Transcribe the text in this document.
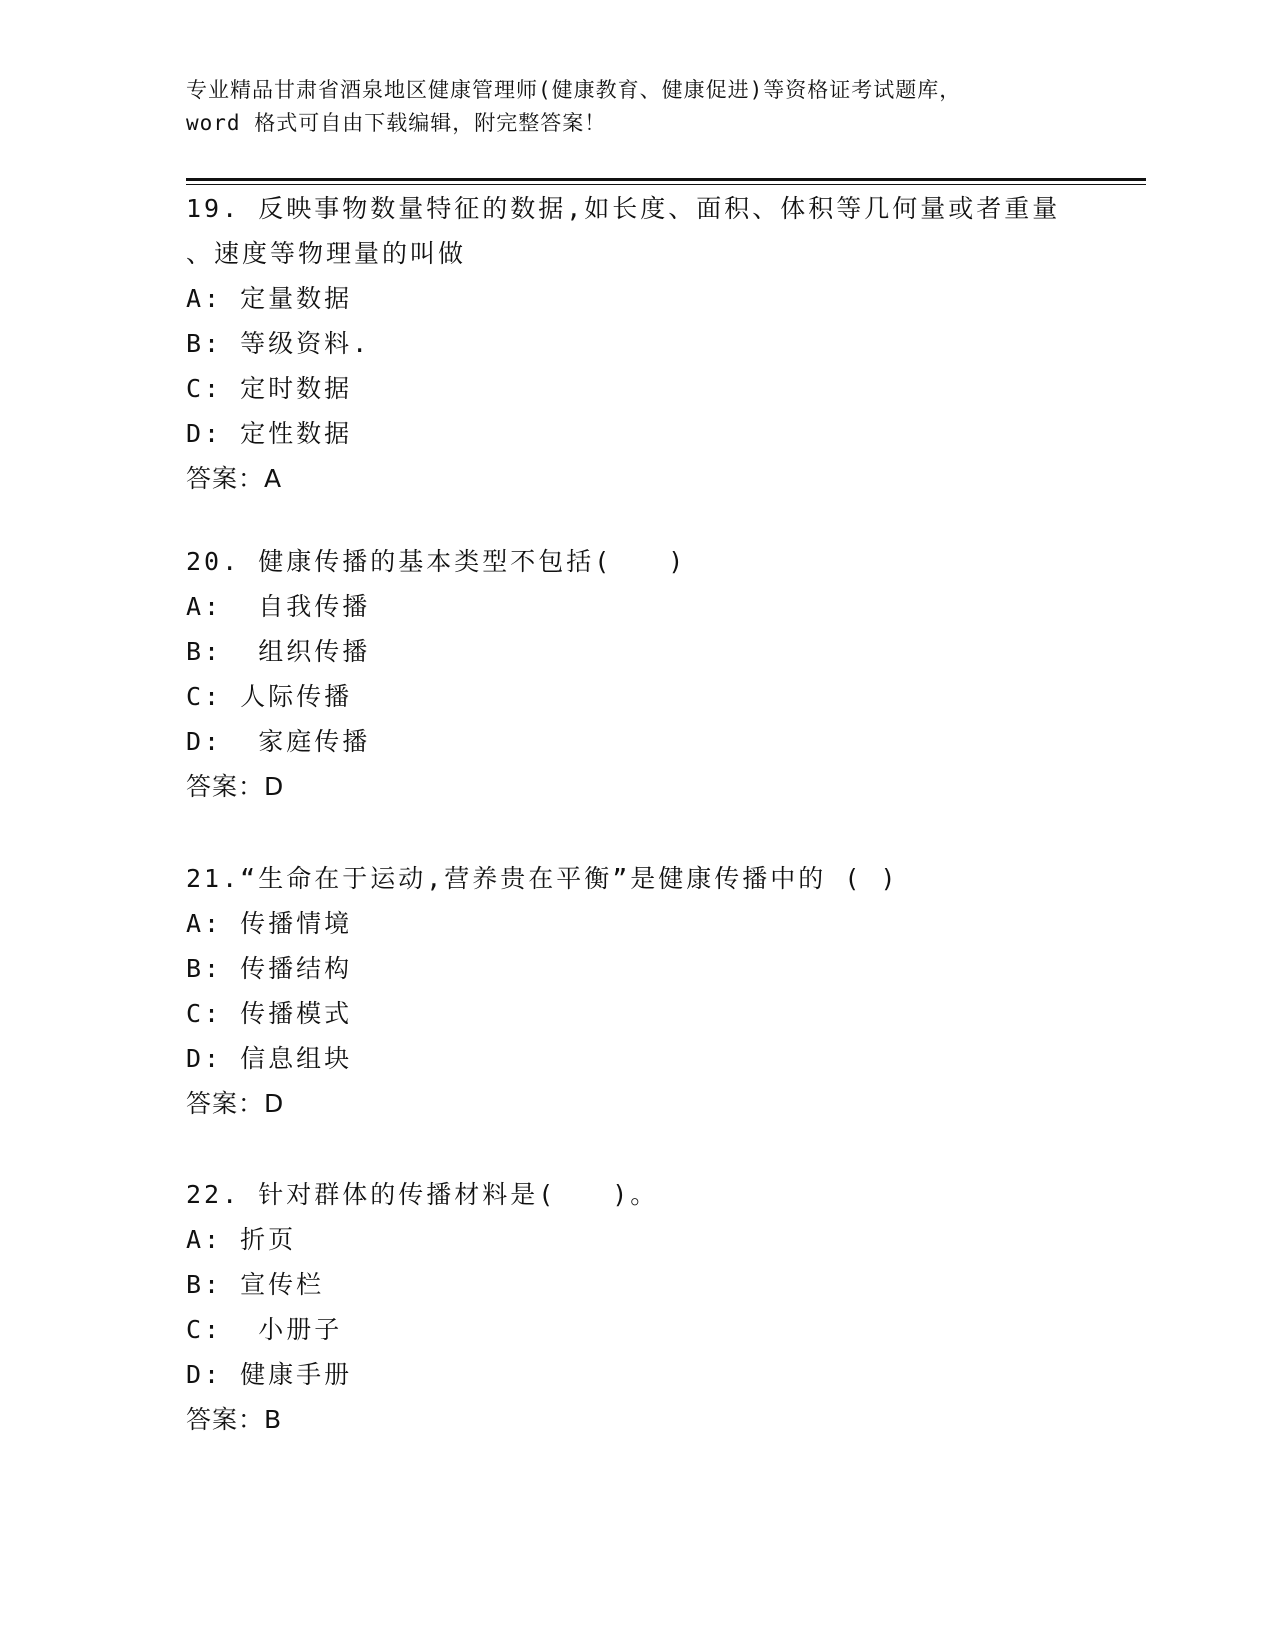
专业精品甘肃省酒泉地区健康管理师(健康教育、健康促进)等资格证考试题库，
word 格式可自由下载编辑，附完整答案！
19. 反映事物数量特征的数据,如长度、面积、体积等几何量或者重量
、速度等物理量的叫做
A: 定量数据
B: 等级资料.
C: 定时数据
D: 定性数据
答案：A
20. 健康传播的基本类型不包括(　　)
A:  自我传播
B:  组织传播
C: 人际传播
D:  家庭传播
答案：D
21.“生命在于运动,营养贵在平衡”是健康传播中的 ( )
A: 传播情境
B: 传播结构
C: 传播模式
D: 信息组块
答案：D
22. 针对群体的传播材料是(　　)。
A: 折页
B: 宣传栏
C:  小册子
D: 健康手册
答案：B
